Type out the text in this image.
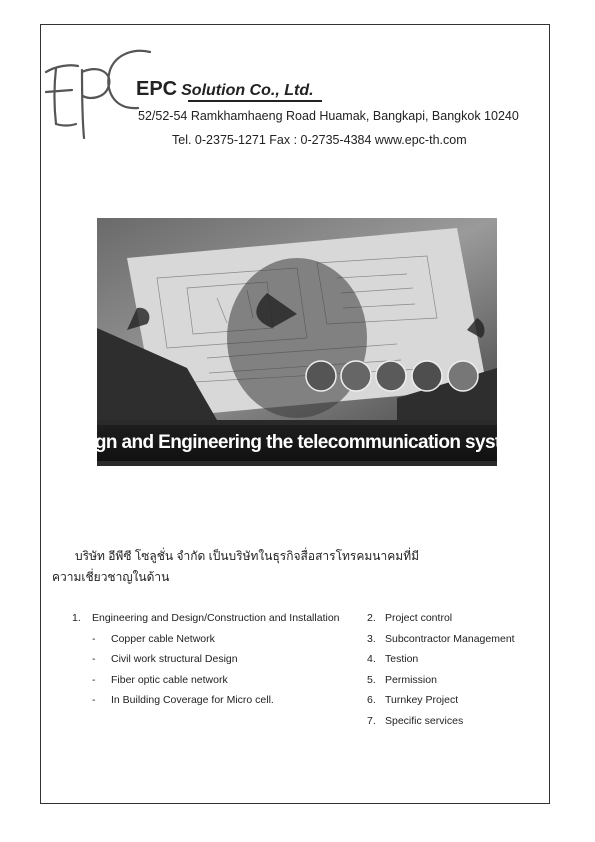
EPC Solution Co., Ltd.
52/52-54 Ramkhamhaeng Road Huamak, Bangkapi, Bangkok 10240
Tel. 0-2375-1271 Fax : 0-2735-4384 www.epc-th.com
Design and Engineering the telecommunication systems
บริษัท อีพีซี โซลูชั่น จำกัด เป็นบริษัทในธุรกิจสื่อสารโทรคมนาคมที่มี
ความเชี่ยวชาญในด้าน
1. Engineering and Design/Construction and Installation
- Copper cable Network
- Civil work structural Design
- Fiber optic cable network
- In Building Coverage for Micro cell.
2. Project control
3. Subcontractor Management
4. Testion
5. Permission
6. Turnkey Project
7. Specific services
